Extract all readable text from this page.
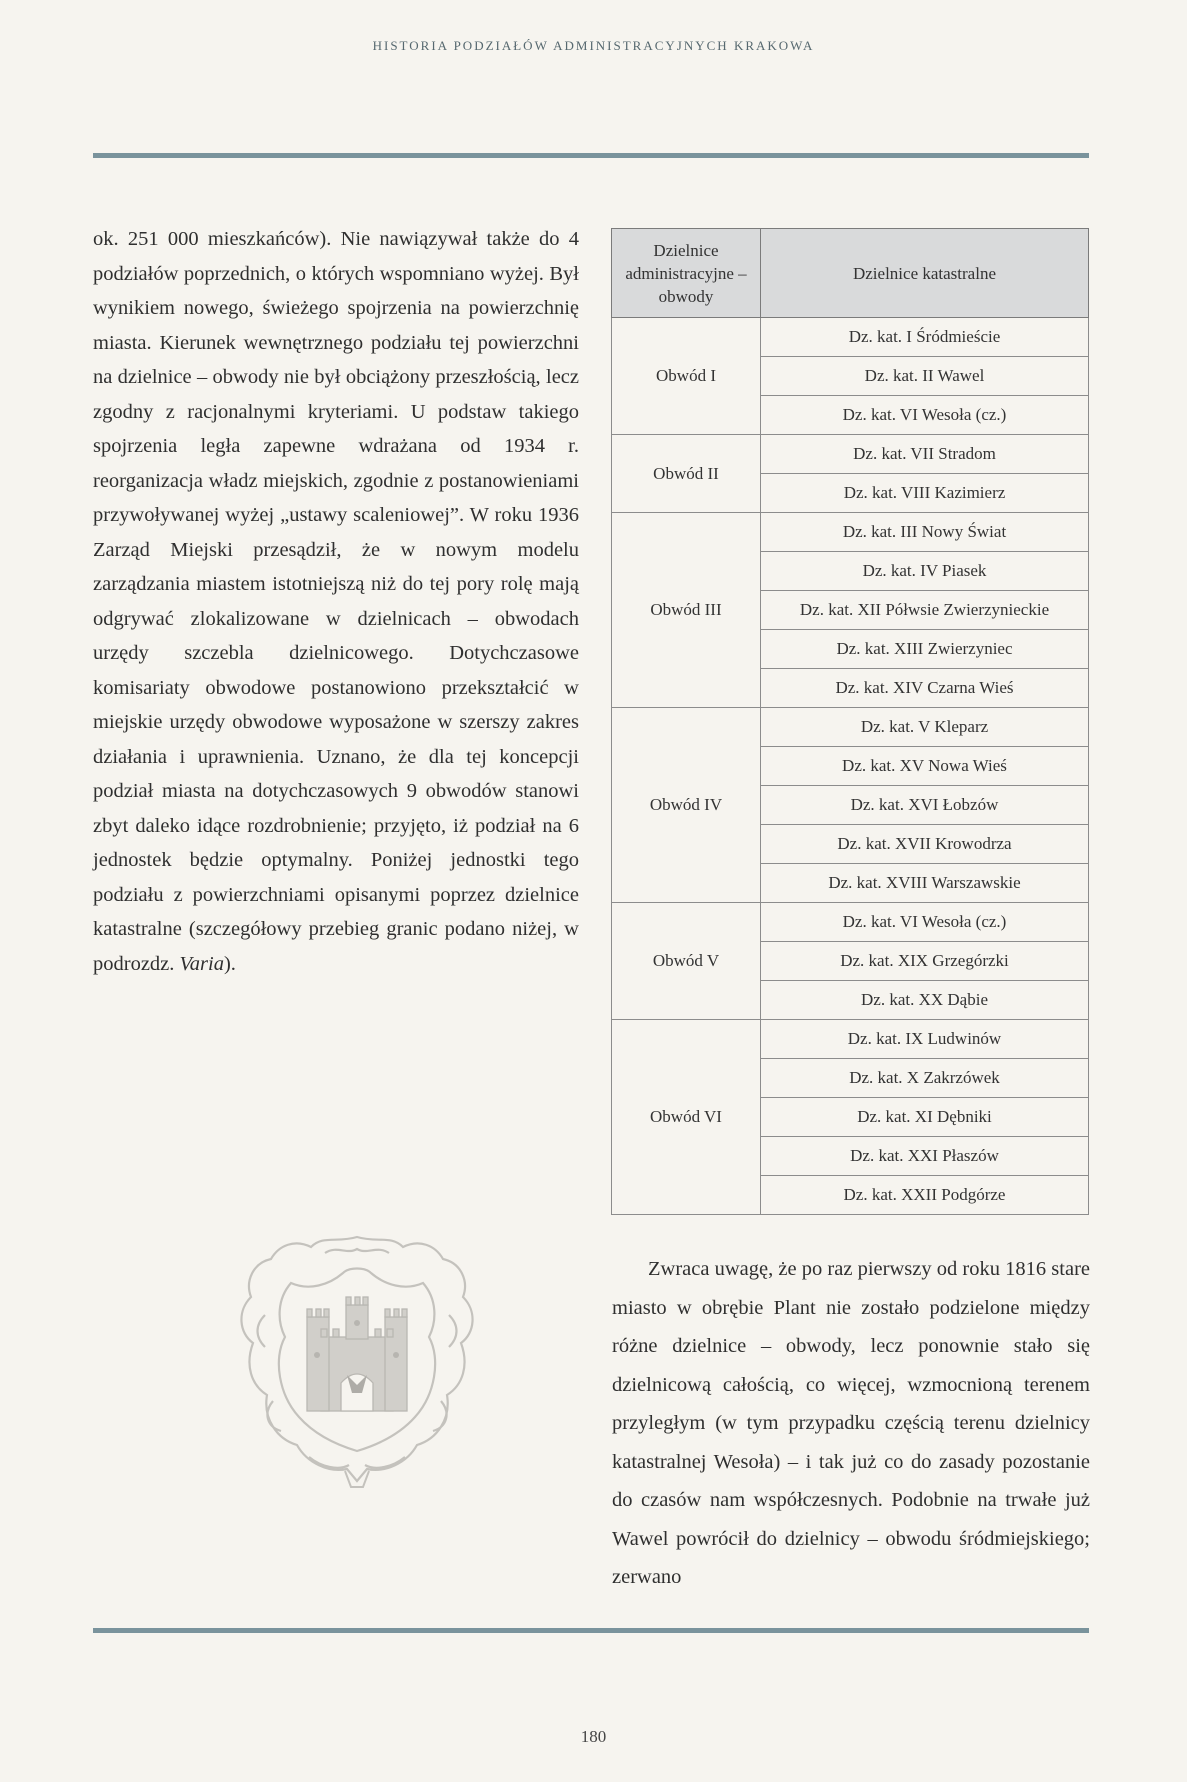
HISTORIA PODZIAŁÓW ADMINISTRACYJNYCH KRAKOWA

ok. 251 000 mieszkańców). Nie nawiązywał także do 4 podziałów poprzednich, o których wspomniano wyżej. Był wynikiem nowego, świeżego spojrzenia na powierzchnię miasta. Kierunek wewnętrznego podziału tej powierzchni na dzielnice – obwody nie był obciążony przeszłością, lecz zgodny z racjonalnymi kryteriami. U podstaw takiego spojrzenia legła zapewne wdrażana od 1934 r. reorganizacja władz miejskich, zgodnie z postanowieniami przywoływanej wyżej „ustawy scaleniowej”. W roku 1936 Zarząd Miejski przesądził, że w nowym modelu zarządzania miastem istotniejszą niż do tej pory rolę mają odgrywać zlokalizowane w dzielnicach – obwodach urzędy szczebla dzielnicowego. Dotychczasowe komisariaty obwodowe postanowiono przekształcić w miejskie urzędy obwodowe wyposażone w szerszy zakres działania i uprawnienia. Uznano, że dla tej koncepcji podział miasta na dotychczasowych 9 obwodów stanowi zbyt daleko idące rozdrobnienie; przyjęto, iż podział na 6 jednostek będzie optymalny. Poniżej jednostki tego podziału z powierzchniami opisanymi poprzez dzielnice katastralne (szczegółowy przebieg granic podano niżej, w podrozdz. Varia).

Dzielnice administracyjne – obwody	Dzielnice katastralne
Obwód I	Dz. kat. I Śródmieście
	Dz. kat. II Wawel
	Dz. kat. VI Wesoła (cz.)
Obwód II	Dz. kat. VII Stradom
	Dz. kat. VIII Kazimierz
Obwód III	Dz. kat. III Nowy Świat
	Dz. kat. IV Piasek
	Dz. kat. XII Półwsie Zwierzynieckie
	Dz. kat. XIII Zwierzyniec
	Dz. kat. XIV Czarna Wieś
Obwód IV	Dz. kat. V Kleparz
	Dz. kat. XV Nowa Wieś
	Dz. kat. XVI Łobzów
	Dz. kat. XVII Krowodrza
	Dz. kat. XVIII Warszawskie
Obwód V	Dz. kat. VI Wesoła (cz.)
	Dz. kat. XIX Grzegórzki
	Dz. kat. XX Dąbie
Obwód VI	Dz. kat. IX Ludwinów
	Dz. kat. X Zakrzówek
	Dz. kat. XI Dębniki
	Dz. kat. XXI Płaszów
	Dz. kat. XXII Podgórze

Zwraca uwagę, że po raz pierwszy od roku 1816 stare miasto w obrębie Plant nie zostało podzielone między różne dzielnice – obwody, lecz ponownie stało się dzielnicową całością, co więcej, wzmocnioną terenem przyległym (w tym przypadku częścią terenu dzielnicy katastralnej Wesoła) – i tak już co do zasady pozostanie do czasów nam współczesnych. Podobnie na trwałe już Wawel powrócił do dzielnicy – obwodu śródmiejskiego; zerwano

180
